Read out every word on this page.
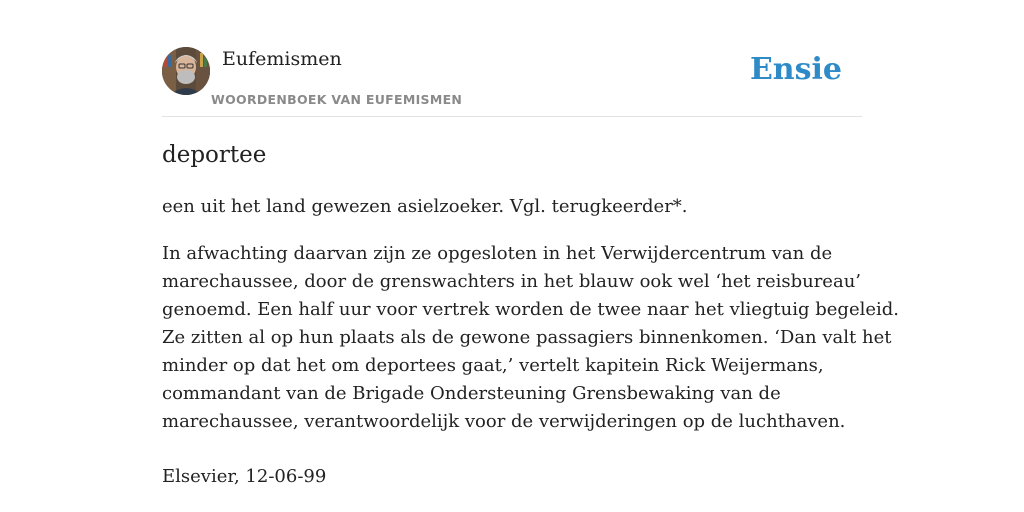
Eufemismen
WOORDENBOEK VAN EUFEMISMEN
Ensie
deportee

een uit het land gewezen asielzoeker. Vgl. terugkeerder*.

In afwachting daarvan zijn ze opgesloten in het Verwijdercentrum van de
marechaussee, door de grenswachters in het blauw ook wel ‘het reisbureau’
genoemd. Een half uur voor vertrek worden de twee naar het vliegtuig begeleid.
Ze zitten al op hun plaats als de gewone passagiers binnenkomen. ‘Dan valt het
minder op dat het om deportees gaat,’ vertelt kapitein Rick Weijermans,
commandant van de Brigade Ondersteuning Grensbewaking van de
marechaussee, verantwoordelijk voor de verwijderingen op de luchthaven.

Elsevier, 12-06-99
